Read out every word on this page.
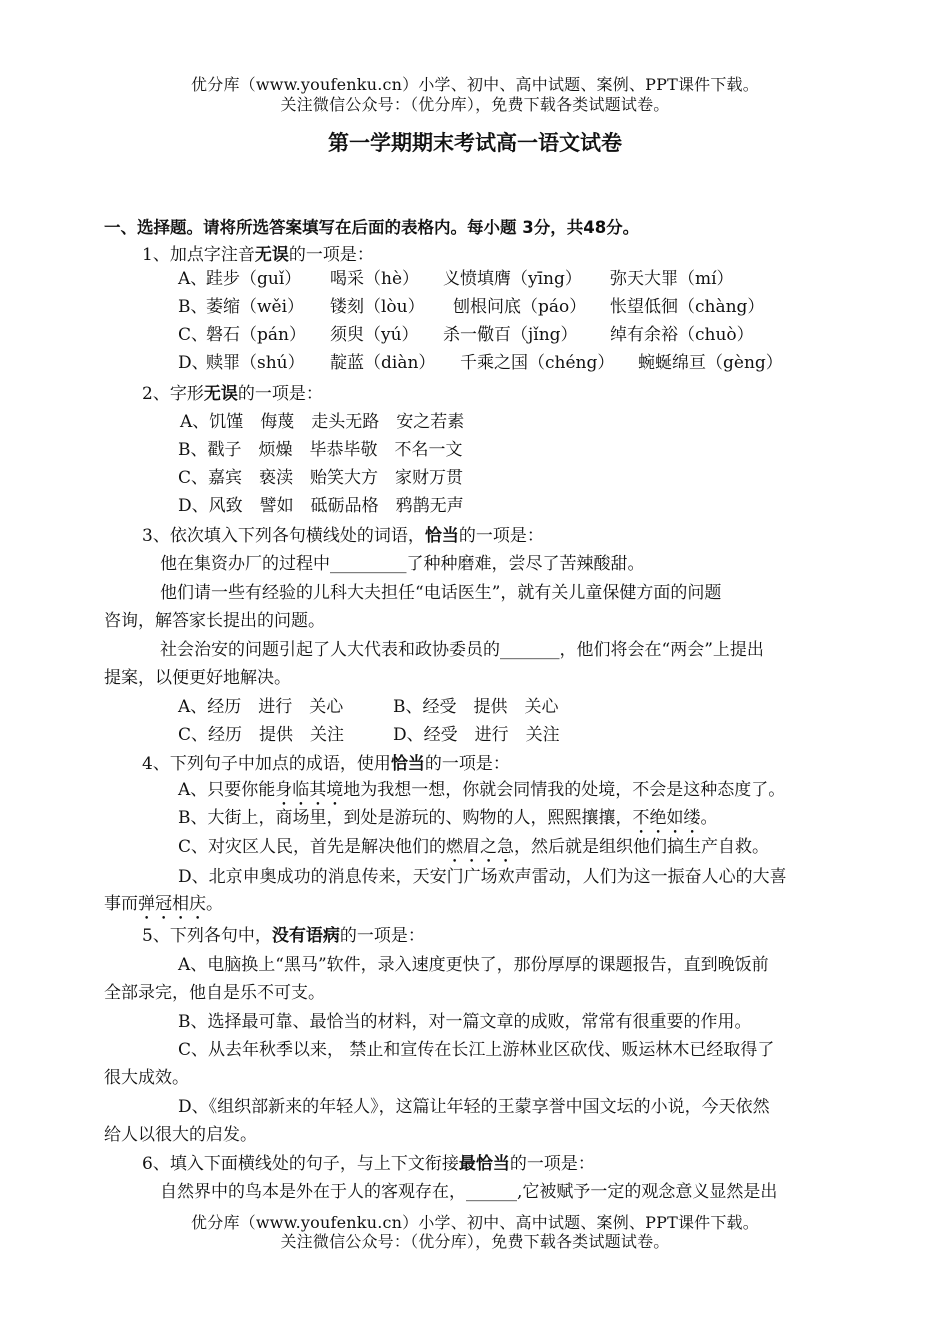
优分库（www.youfenku.cn）小学、初中、高中试题、案例、PPT课件下载。
关注微信公众号：（优分库），免费下载各类试题试卷。
第一学期期末考试高一语文试卷
一、选择题。请将所选答案填写在后面的表格内。每小题 3分，共48分。
1、加点字注音无误的一项是：
A、
跬步（guǐ） 喝采（hè） 义愤填膺（yīng） 弥天大罪（mí）
B、
萎缩（wěi） 镂刻（lòu） 刨根问底（páo） 怅望低徊（chàng）
C、
磐石（pán） 须臾（yú） 杀一儆百（jǐng） 绰有余裕（chuò）
D、
赎罪（shú） 靛蓝（diàn） 千乘之国（chéng） 蜿蜒绵亘（gèng）
2、字形无误的一项是：
A、饥馑　侮蔑　走头无路　安之若素
B、戳子　烦燥　毕恭毕敬　不名一文
C、嘉宾　亵渎　贻笑大方　家财万贯
D、风致　譬如　砥砺品格　鸦鹊无声
3、依次填入下列各句横线处的词语，恰当的一项是：
他在集资办厂的过程中_________了种种磨难，尝尽了苦辣酸甜。
他们请一些有经验的儿科大夫担任“电话医生”，就有关儿童保健方面的问题
咨询，解答家长提出的问题。
社会治安的问题引起了人大代表和政协委员的_______，他们将会在“两会”上提出
提案，以便更好地解决。
A、经历　进行　关心	B、经受　提供　关心
C、经历　提供　关注	D、经受　进行　关注
4、下列句子中加点的成语，使用恰当的一项是：
A、只要你能身临其境地为我想一想，你就会同情我的处境，不会是这种态度了。
B、大街上，商场里，到处是游玩的、购物的人，熙熙攘攘，不绝如缕。
C、对灾区人民，首先是解决他们的燃眉之急，然后就是组织他们搞生产自救。
D、北京申奥成功的消息传来，天安门广场欢声雷动，人们为这一振奋人心的大喜
事而弹冠相庆。
5、下列各句中，没有语病的一项是：
A、电脑换上“黑马”软件，录入速度更快了，那份厚厚的课题报告，直到晚饭前
全部录完，他自是乐不可支。
B、选择最可靠、最恰当的材料，对一篇文章的成败，常常有很重要的作用。
C、从去年秋季以来， 禁止和宣传在长江上游林业区砍伐、贩运林木已经取得了
很大成效。
D、《组织部新来的年轻人》，这篇让年轻的王蒙享誉中国文坛的小说，今天依然
给人以很大的启发。
6、填入下面横线处的句子，与上下文衔接最恰当的一项是：
自然界中的鸟本是外在于人的客观存在，______,它被赋予一定的观念意义显然是出
优分库（www.youfenku.cn）小学、初中、高中试题、案例、PPT课件下载。
关注微信公众号：（优分库），免费下载各类试题试卷。
